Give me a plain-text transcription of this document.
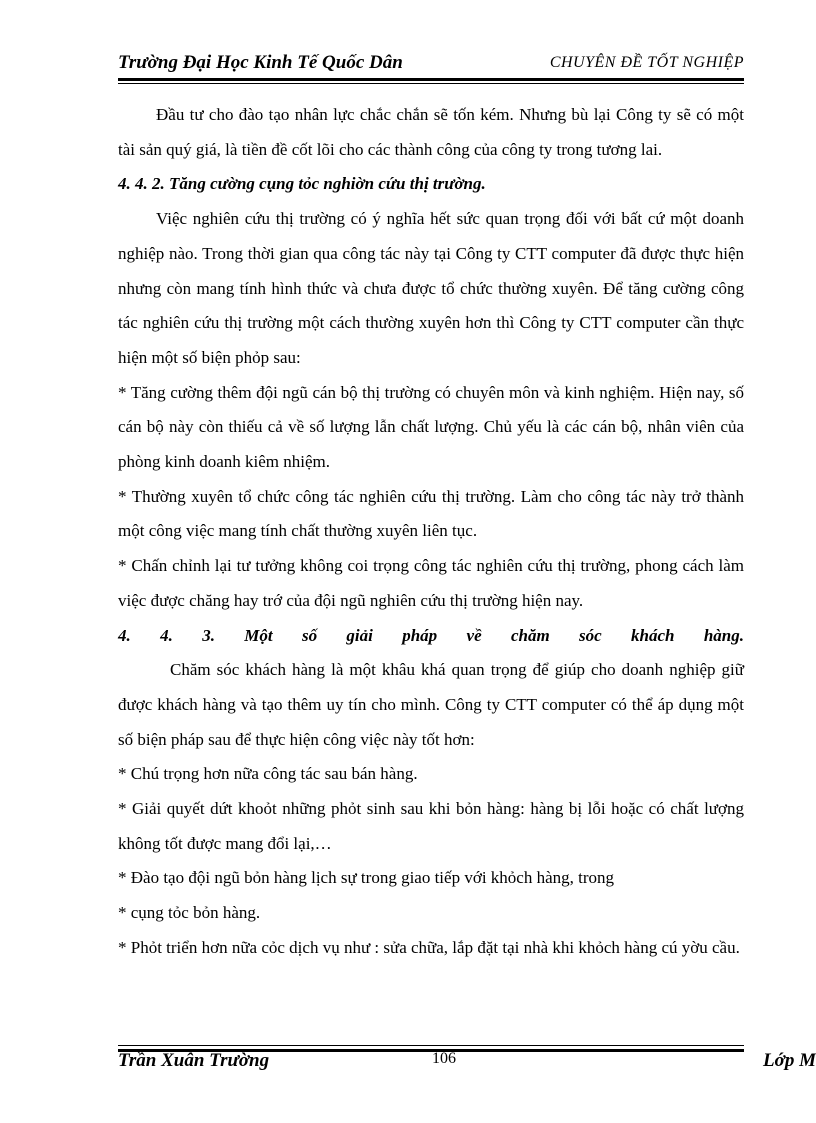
Trường Đại Học Kinh Tế Quốc Dân	CHUYÊN ĐỀ TỐT NGHIỆP

Đầu tư cho đào tạo nhân lực chắc chắn sẽ tốn kém. Nhưng bù lại Công ty sẽ có một tài sản quý giá, là tiền đề cốt lõi cho các thành công của công ty trong tương lai.

4. 4. 2. Tăng cường cụng tỏc nghiờn cứu thị trường.

Việc nghiên cứu thị trường có ý nghĩa hết sức quan trọng đối với bất cứ một doanh nghiệp nào. Trong thời gian qua công tác này tại Công ty CTT computer đã được thực hiện nhưng còn mang tính hình thức và chưa được tổ chức thường xuyên. Để tăng cường công tác nghiên cứu thị trường một cách thường xuyên hơn thì Công ty CTT computer cần thực hiện một số biện phỏp sau:

* Tăng cường thêm đội ngũ cán bộ thị trường có chuyên môn và kinh nghiệm. Hiện nay, số cán bộ này còn thiếu cả về số lượng lẫn chất lượng. Chủ yếu là các cán bộ, nhân viên của phòng kinh doanh kiêm nhiệm.

* Thường xuyên tổ chức công tác nghiên cứu thị trường. Làm cho công tác này trở thành một công việc mang tính chất thường xuyên liên tục.

* Chấn chỉnh lại tư tưởng không coi trọng công tác nghiên cứu thị trường, phong cách làm việc được chăng hay trớ của đội ngũ nghiên cứu thị trường hiện nay.

4. 4. 3. Một số giải pháp về chăm sóc khách hàng.

Chăm sóc khách hàng là một khâu khá quan trọng để giúp cho doanh nghiệp giữ được khách hàng và tạo thêm uy tín cho mình. Công ty CTT computer có thể áp dụng một số biện pháp sau để thực hiện công việc này tốt hơn:

* Chú trọng hơn nữa công tác sau bán hàng.

* Giải quyết dứt khoỏt những phỏt sinh sau khi bỏn hàng: hàng bị lỗi hoặc có chất lượng không tốt được mang đổi lại,…

* Đào tạo đội ngũ bỏn hàng lịch sự trong giao tiếp với khỏch hàng, trong

* cụng tỏc bỏn hàng.

* Phỏt triển hơn nữa cỏc dịch vụ như : sửa chữa, lắp đặt tại nhà khi khỏch hàng cú yờu cầu.

Trần Xuân Trường	106	Lớp M
